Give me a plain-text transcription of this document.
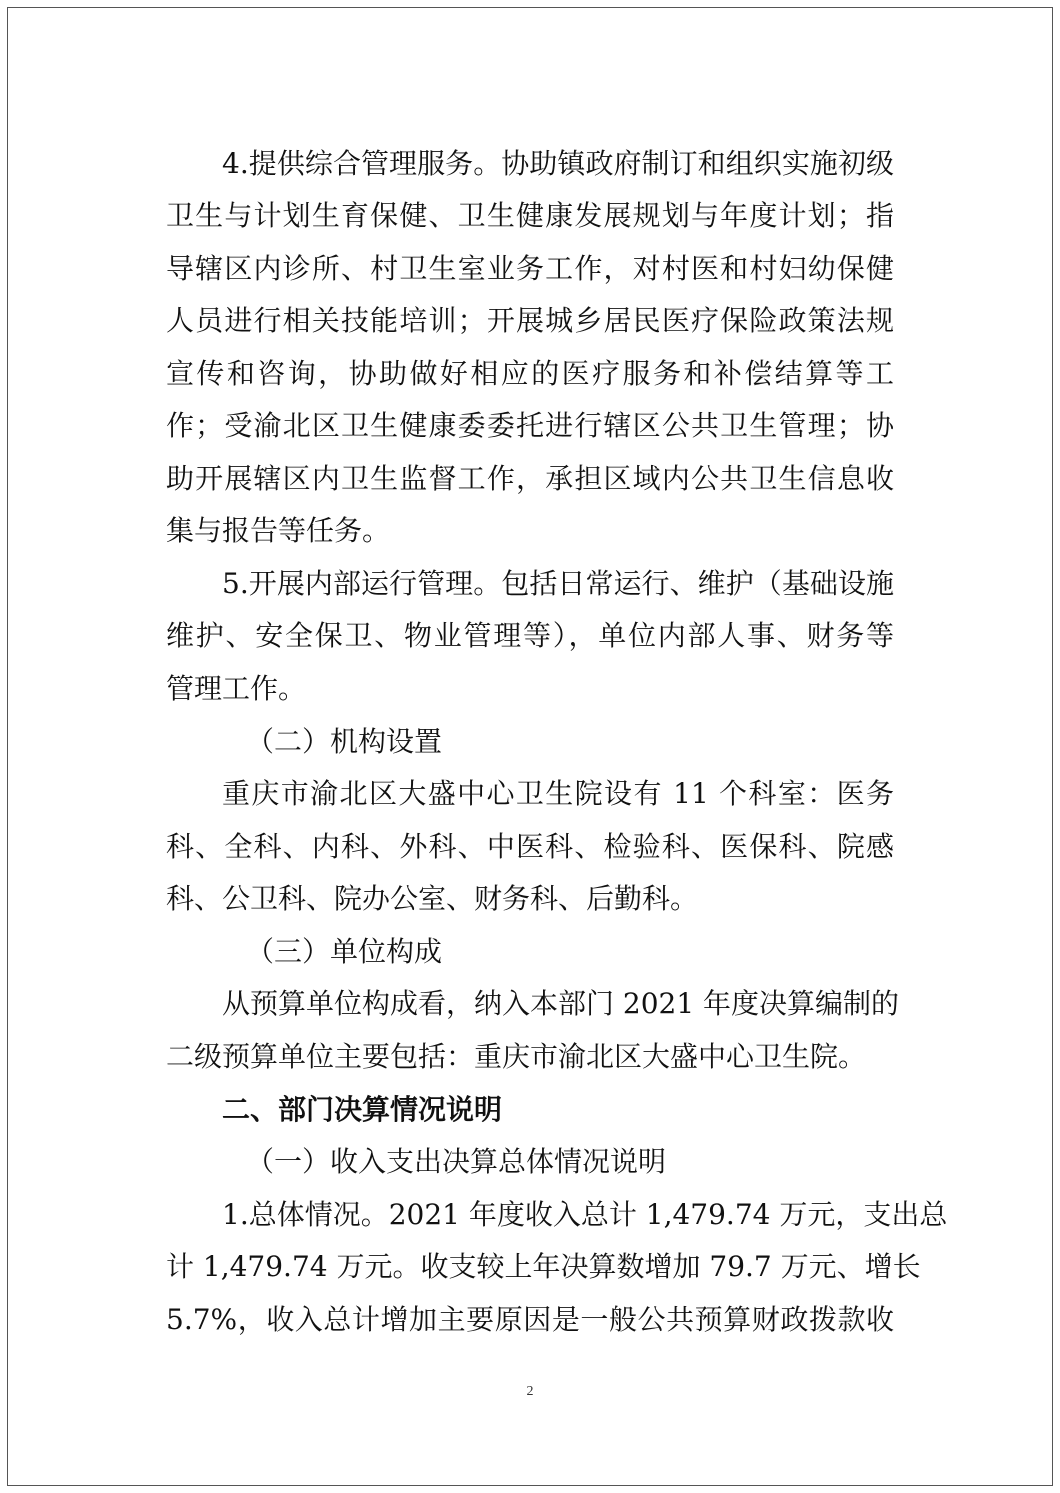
4.提供综合管理服务。协助镇政府制订和组织实施初级
卫生与计划生育保健、卫生健康发展规划与年度计划；指
导辖区内诊所、村卫生室业务工作，对村医和村妇幼保健
人员进行相关技能培训；开展城乡居民医疗保险政策法规
宣传和咨询，协助做好相应的医疗服务和补偿结算等工
作；受渝北区卫生健康委委托进行辖区公共卫生管理；协
助开展辖区内卫生监督工作，承担区域内公共卫生信息收
集与报告等任务。
5.开展内部运行管理。包括日常运行、维护（基础设施
维护、安全保卫、物业管理等），单位内部人事、财务等
管理工作。
（二）机构设置
重庆市渝北区大盛中心卫生院设有 11 个科室：医务
科、全科、内科、外科、中医科、检验科、医保科、院感
科、公卫科、院办公室、财务科、后勤科。
（三）单位构成
从预算单位构成看，纳入本部门 2021 年度决算编制的
二级预算单位主要包括：重庆市渝北区大盛中心卫生院。
二、部门决算情况说明
（一）收入支出决算总体情况说明
1.总体情况。2021 年度收入总计 1,479.74 万元，支出总
计 1,479.74 万元。收支较上年决算数增加 79.7 万元、增长
5.7%，收入总计增加主要原因是一般公共预算财政拨款收
2
